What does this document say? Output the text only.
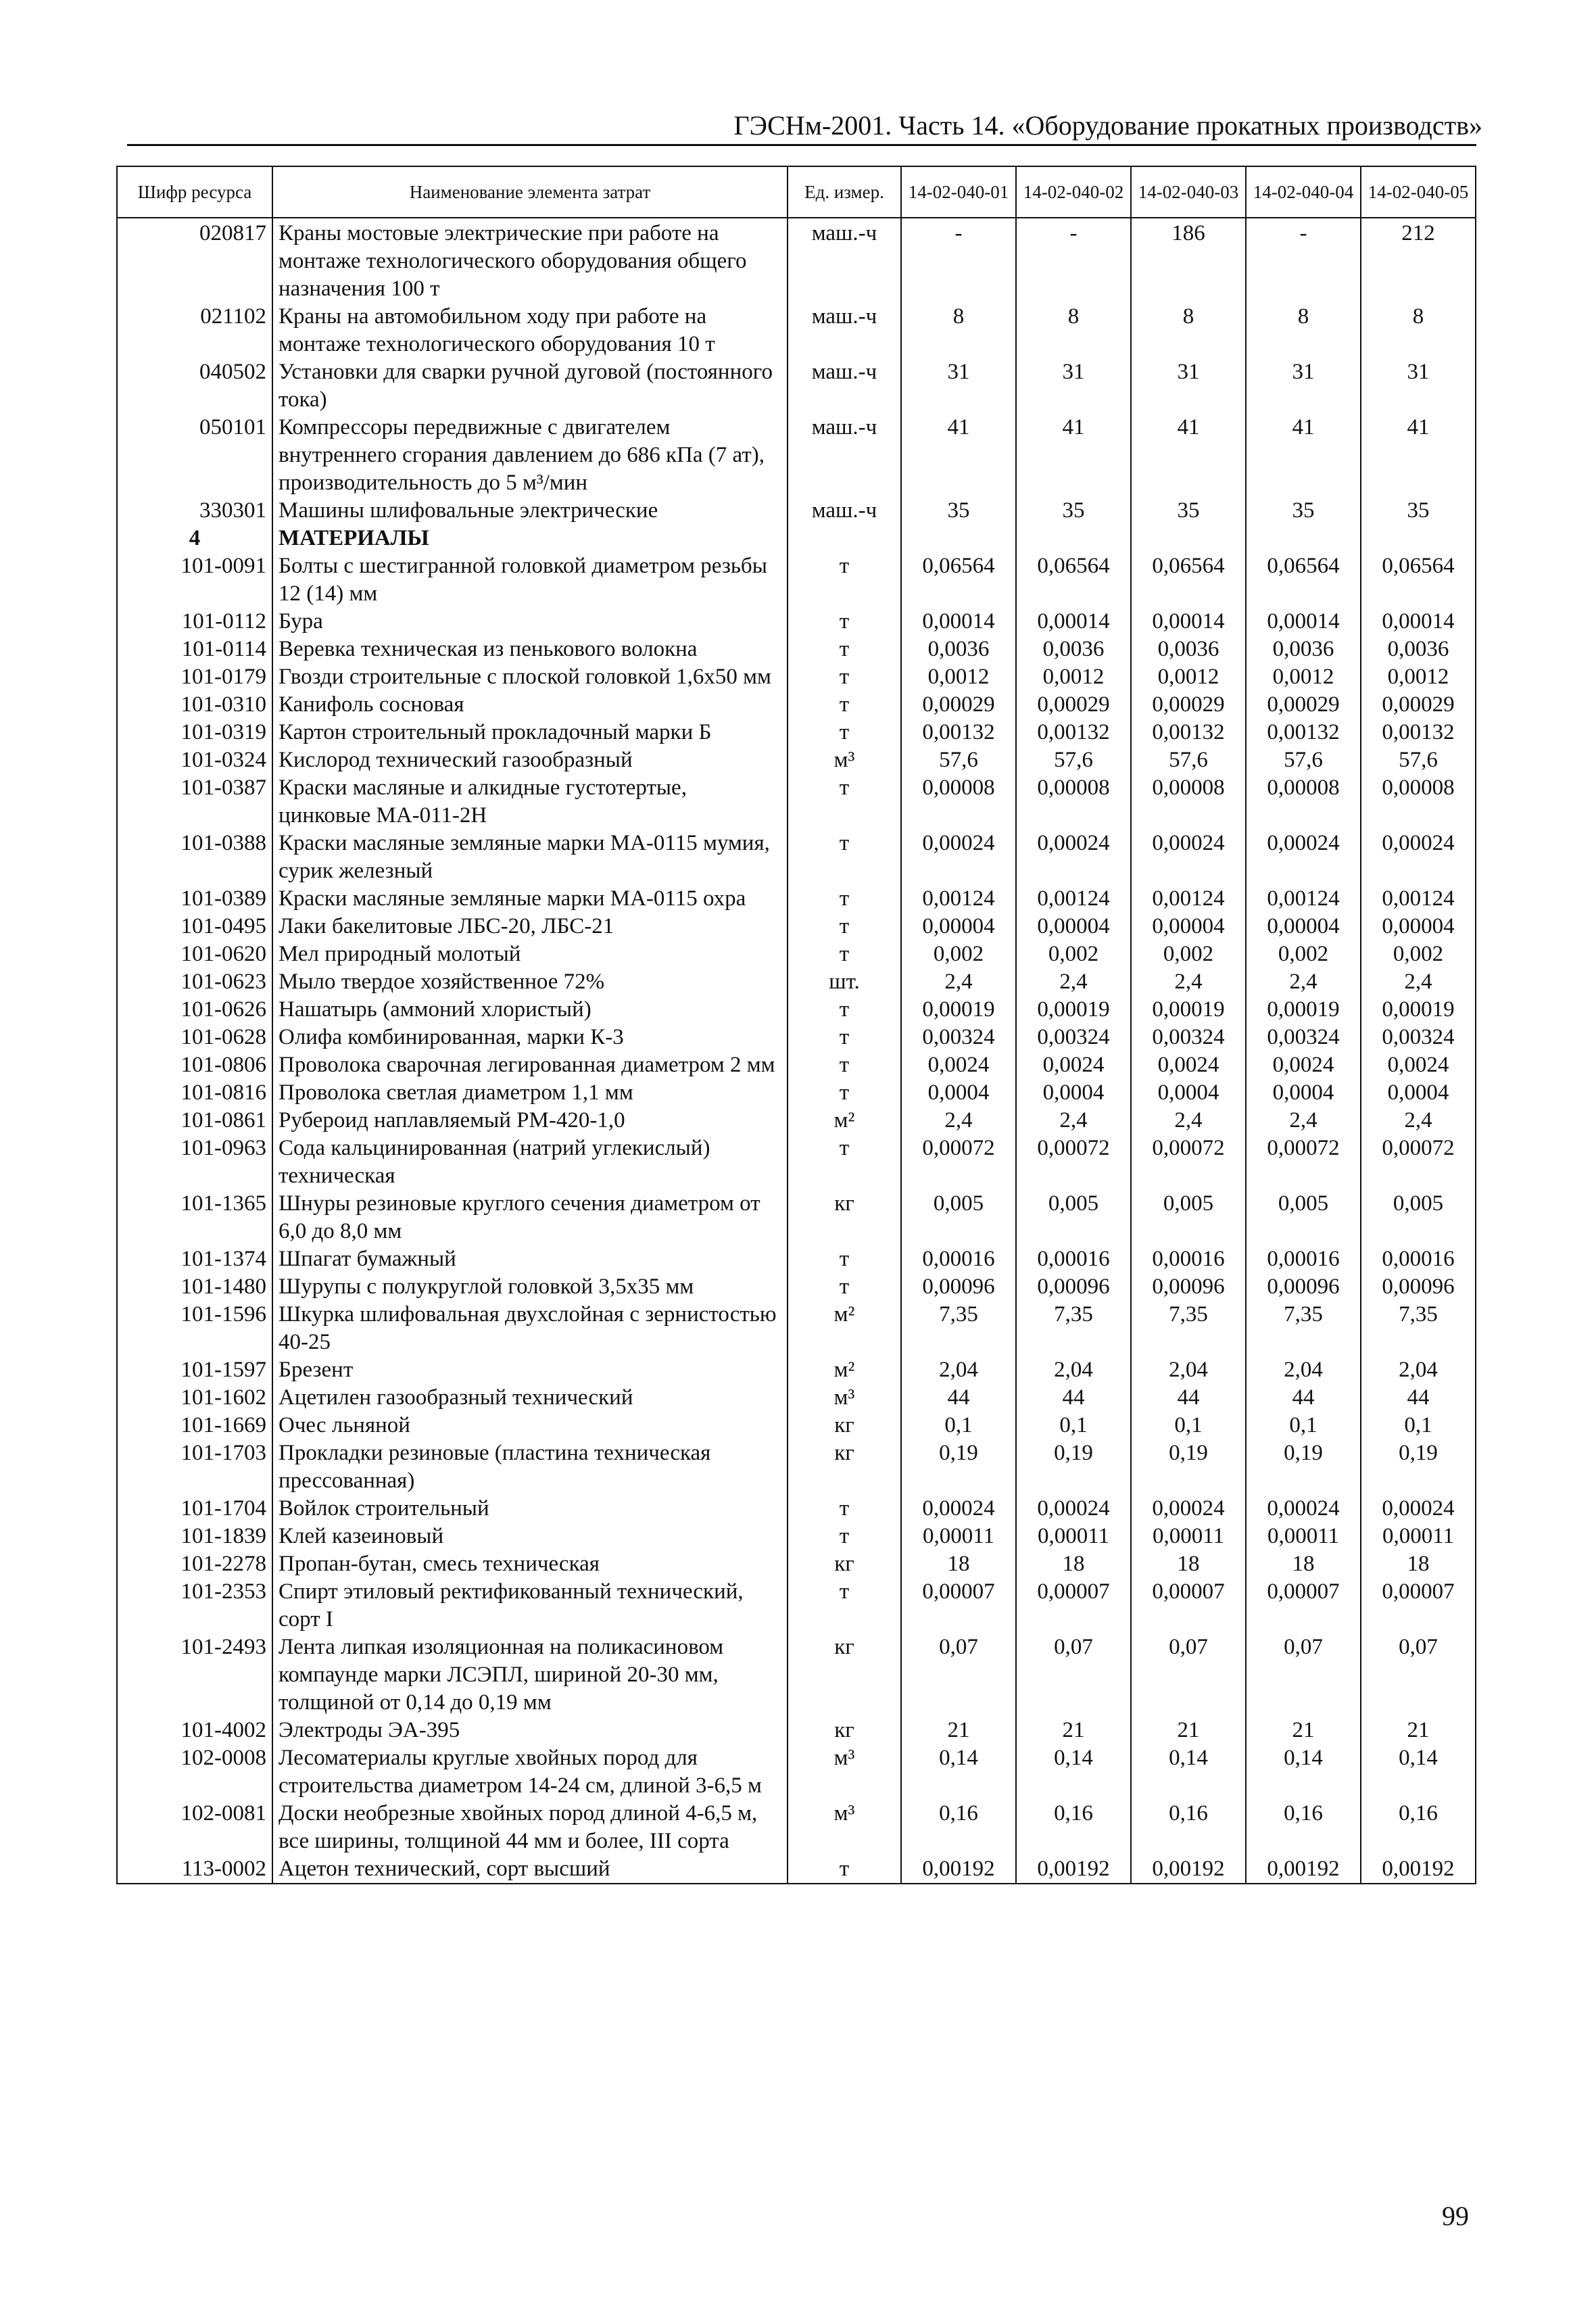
ГЭСНм-2001. Часть 14. «Оборудование прокатных производств»
Шифр ресурса	Наименование элемента затрат	Ед. измер.	14-02-040-01	14-02-040-02	14-02-040-03	14-02-040-04	14-02-040-05
020817	Краны мостовые электрические при работе на монтаже технологического оборудования общего назначения 100 т	маш.-ч	-	-	186	-	212
021102	Краны на автомобильном ходу при работе на монтаже технологического оборудования 10 т	маш.-ч	8	8	8	8	8
040502	Установки для сварки ручной дуговой (постоянного тока)	маш.-ч	31	31	31	31	31
050101	Компрессоры передвижные с двигателем внутреннего сгорания давлением до 686 кПа (7 ат), производительность до 5 м³/мин	маш.-ч	41	41	41	41	41
330301	Машины шлифовальные электрические	маш.-ч	35	35	35	35	35
4	МАТЕРИАЛЫ						
101-0091	Болты с шестигранной головкой диаметром резьбы 12 (14) мм	т	0,06564	0,06564	0,06564	0,06564	0,06564
101-0112	Бура	т	0,00014	0,00014	0,00014	0,00014	0,00014
101-0114	Веревка техническая из пенькового волокна	т	0,0036	0,0036	0,0036	0,0036	0,0036
101-0179	Гвозди строительные с плоской головкой 1,6х50 мм	т	0,0012	0,0012	0,0012	0,0012	0,0012
101-0310	Канифоль сосновая	т	0,00029	0,00029	0,00029	0,00029	0,00029
101-0319	Картон строительный прокладочный марки Б	т	0,00132	0,00132	0,00132	0,00132	0,00132
101-0324	Кислород технический газообразный	м³	57,6	57,6	57,6	57,6	57,6
101-0387	Краски масляные и алкидные густотертые, цинковые МА-011-2Н	т	0,00008	0,00008	0,00008	0,00008	0,00008
101-0388	Краски масляные земляные марки МА-0115 мумия, сурик железный	т	0,00024	0,00024	0,00024	0,00024	0,00024
101-0389	Краски масляные земляные марки МА-0115 охра	т	0,00124	0,00124	0,00124	0,00124	0,00124
101-0495	Лаки бакелитовые ЛБС-20, ЛБС-21	т	0,00004	0,00004	0,00004	0,00004	0,00004
101-0620	Мел природный молотый	т	0,002	0,002	0,002	0,002	0,002
101-0623	Мыло твердое хозяйственное 72%	шт.	2,4	2,4	2,4	2,4	2,4
101-0626	Нашатырь (аммоний хлористый)	т	0,00019	0,00019	0,00019	0,00019	0,00019
101-0628	Олифа комбинированная, марки К-3	т	0,00324	0,00324	0,00324	0,00324	0,00324
101-0806	Проволока сварочная легированная диаметром 2 мм	т	0,0024	0,0024	0,0024	0,0024	0,0024
101-0816	Проволока светлая диаметром 1,1 мм	т	0,0004	0,0004	0,0004	0,0004	0,0004
101-0861	Рубероид наплавляемый РМ-420-1,0	м²	2,4	2,4	2,4	2,4	2,4
101-0963	Сода кальцинированная (натрий углекислый) техническая	т	0,00072	0,00072	0,00072	0,00072	0,00072
101-1365	Шнуры резиновые круглого сечения диаметром от 6,0 до 8,0 мм	кг	0,005	0,005	0,005	0,005	0,005
101-1374	Шпагат бумажный	т	0,00016	0,00016	0,00016	0,00016	0,00016
101-1480	Шурупы с полукруглой головкой 3,5х35 мм	т	0,00096	0,00096	0,00096	0,00096	0,00096
101-1596	Шкурка шлифовальная двухслойная с зернистостью 40-25	м²	7,35	7,35	7,35	7,35	7,35
101-1597	Брезент	м²	2,04	2,04	2,04	2,04	2,04
101-1602	Ацетилен газообразный технический	м³	44	44	44	44	44
101-1669	Очес льняной	кг	0,1	0,1	0,1	0,1	0,1
101-1703	Прокладки резиновые (пластина техническая прессованная)	кг	0,19	0,19	0,19	0,19	0,19
101-1704	Войлок строительный	т	0,00024	0,00024	0,00024	0,00024	0,00024
101-1839	Клей казеиновый	т	0,00011	0,00011	0,00011	0,00011	0,00011
101-2278	Пропан-бутан, смесь техническая	кг	18	18	18	18	18
101-2353	Спирт этиловый ректификованный технический, сорт I	т	0,00007	0,00007	0,00007	0,00007	0,00007
101-2493	Лента липкая изоляционная на поликасиновом компаунде марки ЛСЭПЛ, шириной 20-30 мм, толщиной от 0,14 до 0,19 мм	кг	0,07	0,07	0,07	0,07	0,07
101-4002	Электроды ЭА-395	кг	21	21	21	21	21
102-0008	Лесоматериалы круглые хвойных пород для строительства диаметром 14-24 см, длиной 3-6,5 м	м³	0,14	0,14	0,14	0,14	0,14
102-0081	Доски необрезные хвойных пород длиной 4-6,5 м, все ширины, толщиной 44 мм и более, III сорта	м³	0,16	0,16	0,16	0,16	0,16
113-0002	Ацетон технический, сорт высший	т	0,00192	0,00192	0,00192	0,00192	0,00192
99
